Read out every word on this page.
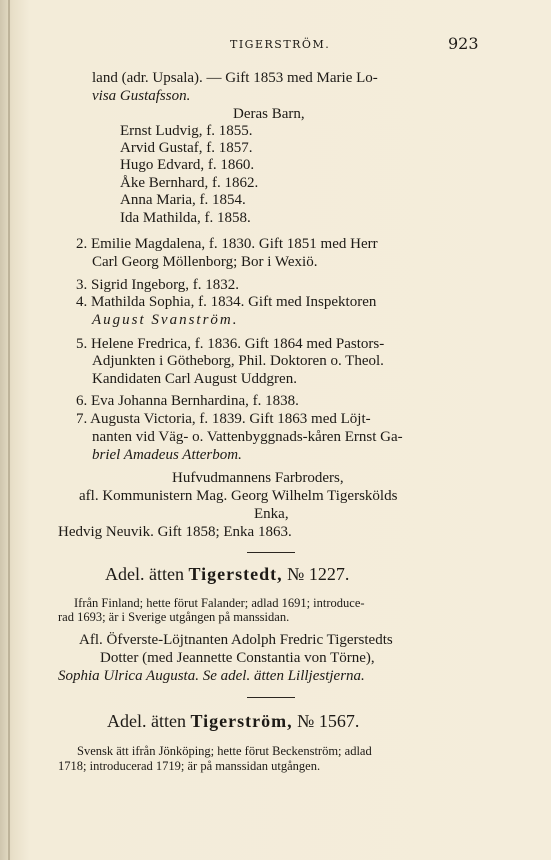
TIGERSTRÖM.	923
land (adr. Upsala). — Gift 1853 med Marie Lo-
visa Gustafsson.
Deras Barn,
Ernst Ludvig, f. 1855.
Arvid Gustaf, f. 1857.
Hugo Edvard, f. 1860.
Åke Bernhard, f. 1862.
Anna Maria, f. 1854.
Ida Mathilda, f. 1858.
2. Emilie Magdalena, f. 1830. Gift 1851 med Herr
Carl Georg Möllenborg; Bor i Wexiö.
3. Sigrid Ingeborg, f. 1832.
4. Mathilda Sophia, f. 1834. Gift med Inspektoren
August Svanström.
5. Helene Fredrica, f. 1836. Gift 1864 med Pastors-
Adjunkten i Götheborg, Phil. Doktoren o. Theol.
Kandidaten Carl August Uddgren.
6. Eva Johanna Bernhardina, f. 1838.
7. Augusta Victoria, f. 1839. Gift 1863 med Löjt-
nanten vid Väg- o. Vattenbyggnads-kåren Ernst Ga-
briel Amadeus Atterbom.
Hufvudmannens Farbroders,
afl. Kommunistern Mag. Georg Wilhelm Tigerskölds
Enka,
Hedvig Neuvik. Gift 1858; Enka 1863.
Adel. ätten Tigerstedt, № 1227.
Ifrån Finland; hette förut Falander; adlad 1691; introduce-
rad 1693; är i Sverige utgången på manssidan.
Afl. Öfverste-Löjtnanten Adolph Fredric Tigerstedts
Dotter (med Jeannette Constantia von Törne),
Sophia Ulrica Augusta. Se adel. ätten Lilljestjerna.
Adel. ätten Tigerström, № 1567.
Svensk ätt ifrån Jönköping; hette förut Beckenström; adlad
1718; introducerad 1719; är på manssidan utgången.
